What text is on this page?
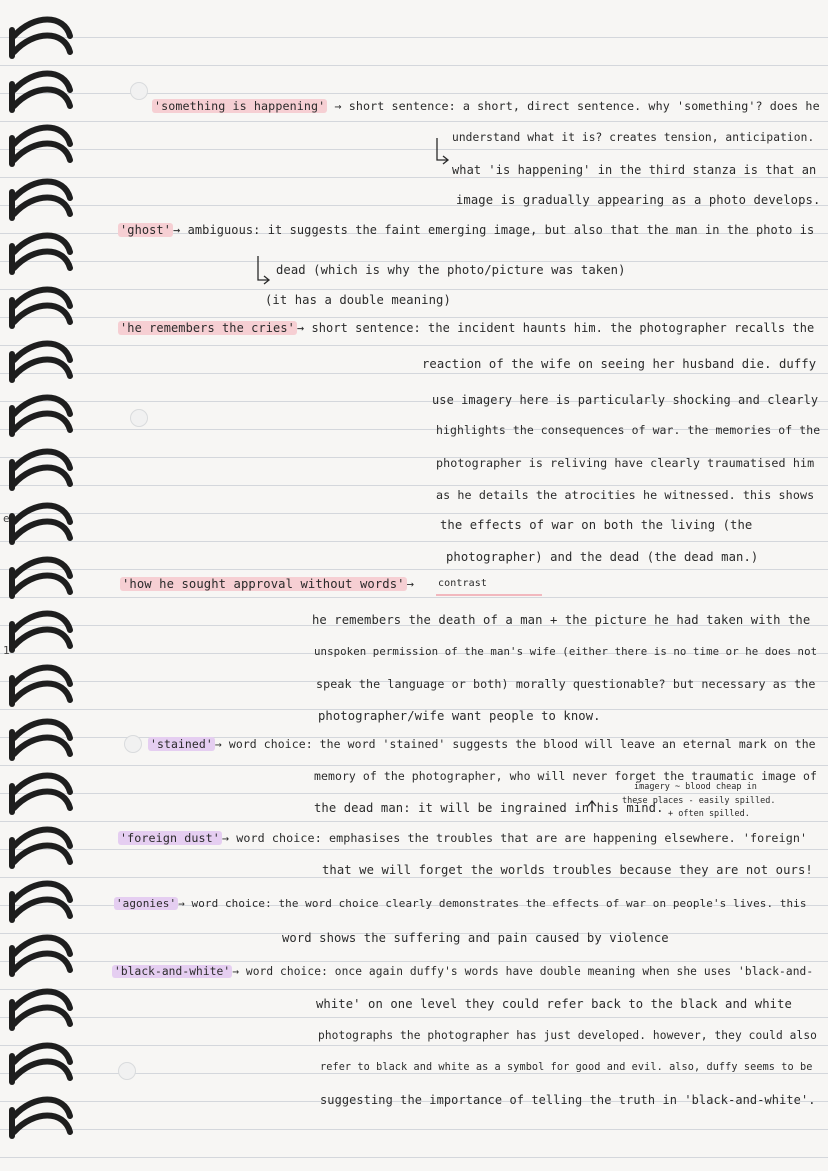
e
1
'something is happening' → short sentence: a short, direct sentence. why 'something'? does he
understand what it is? creates tension, anticipation.
what 'is happening' in the third stanza is that an
image is gradually appearing as a photo develops.
'ghost' → ambiguous: it suggests the faint emerging image, but also that the man in the photo is
dead (which is why the photo/picture was taken)
(it has a double meaning)
'he remembers the cries' → short sentence: the incident haunts him. the photographer recalls the
reaction of the wife on seeing her husband die. duffy
use imagery here is particularly shocking and clearly
highlights the consequences of war. the memories of the
photographer is reliving have clearly traumatised him
as he details the atrocities he witnessed. this shows
the effects of war on both the living (the
photographer) and the dead (the dead man.)
'how he sought approval without words' → contrast
he remembers the death of a man + the picture he had taken with the
unspoken permission of the man's wife (either there is no time or he does not
speak the language or both) morally questionable? but necessary as the
photographer/wife want people to know.
'stained' → word choice: the word 'stained' suggests the blood will leave an eternal mark on the
memory of the photographer, who will never forget the traumatic image of
the dead man: it will be ingrained in his mind.
imagery ~ blood cheap in
these places - easily spilled.
+ often spilled.
'foreign dust' → word choice: emphasises the troubles that are are happening elsewhere. 'foreign'
that we will forget the worlds troubles because they are not ours!
'agonies' → word choice: the word choice clearly demonstrates the effects of war on people's lives. this
word shows the suffering and pain caused by violence
'black-and-white' → word choice: once again duffy's words have double meaning when she uses 'black-and-
white' on one level they could refer back to the black and white
photographs the photographer has just developed. however, they could also
refer to black and white as a symbol for good and evil. also, duffy seems to be
suggesting the importance of telling the truth in 'black-and-white'.
